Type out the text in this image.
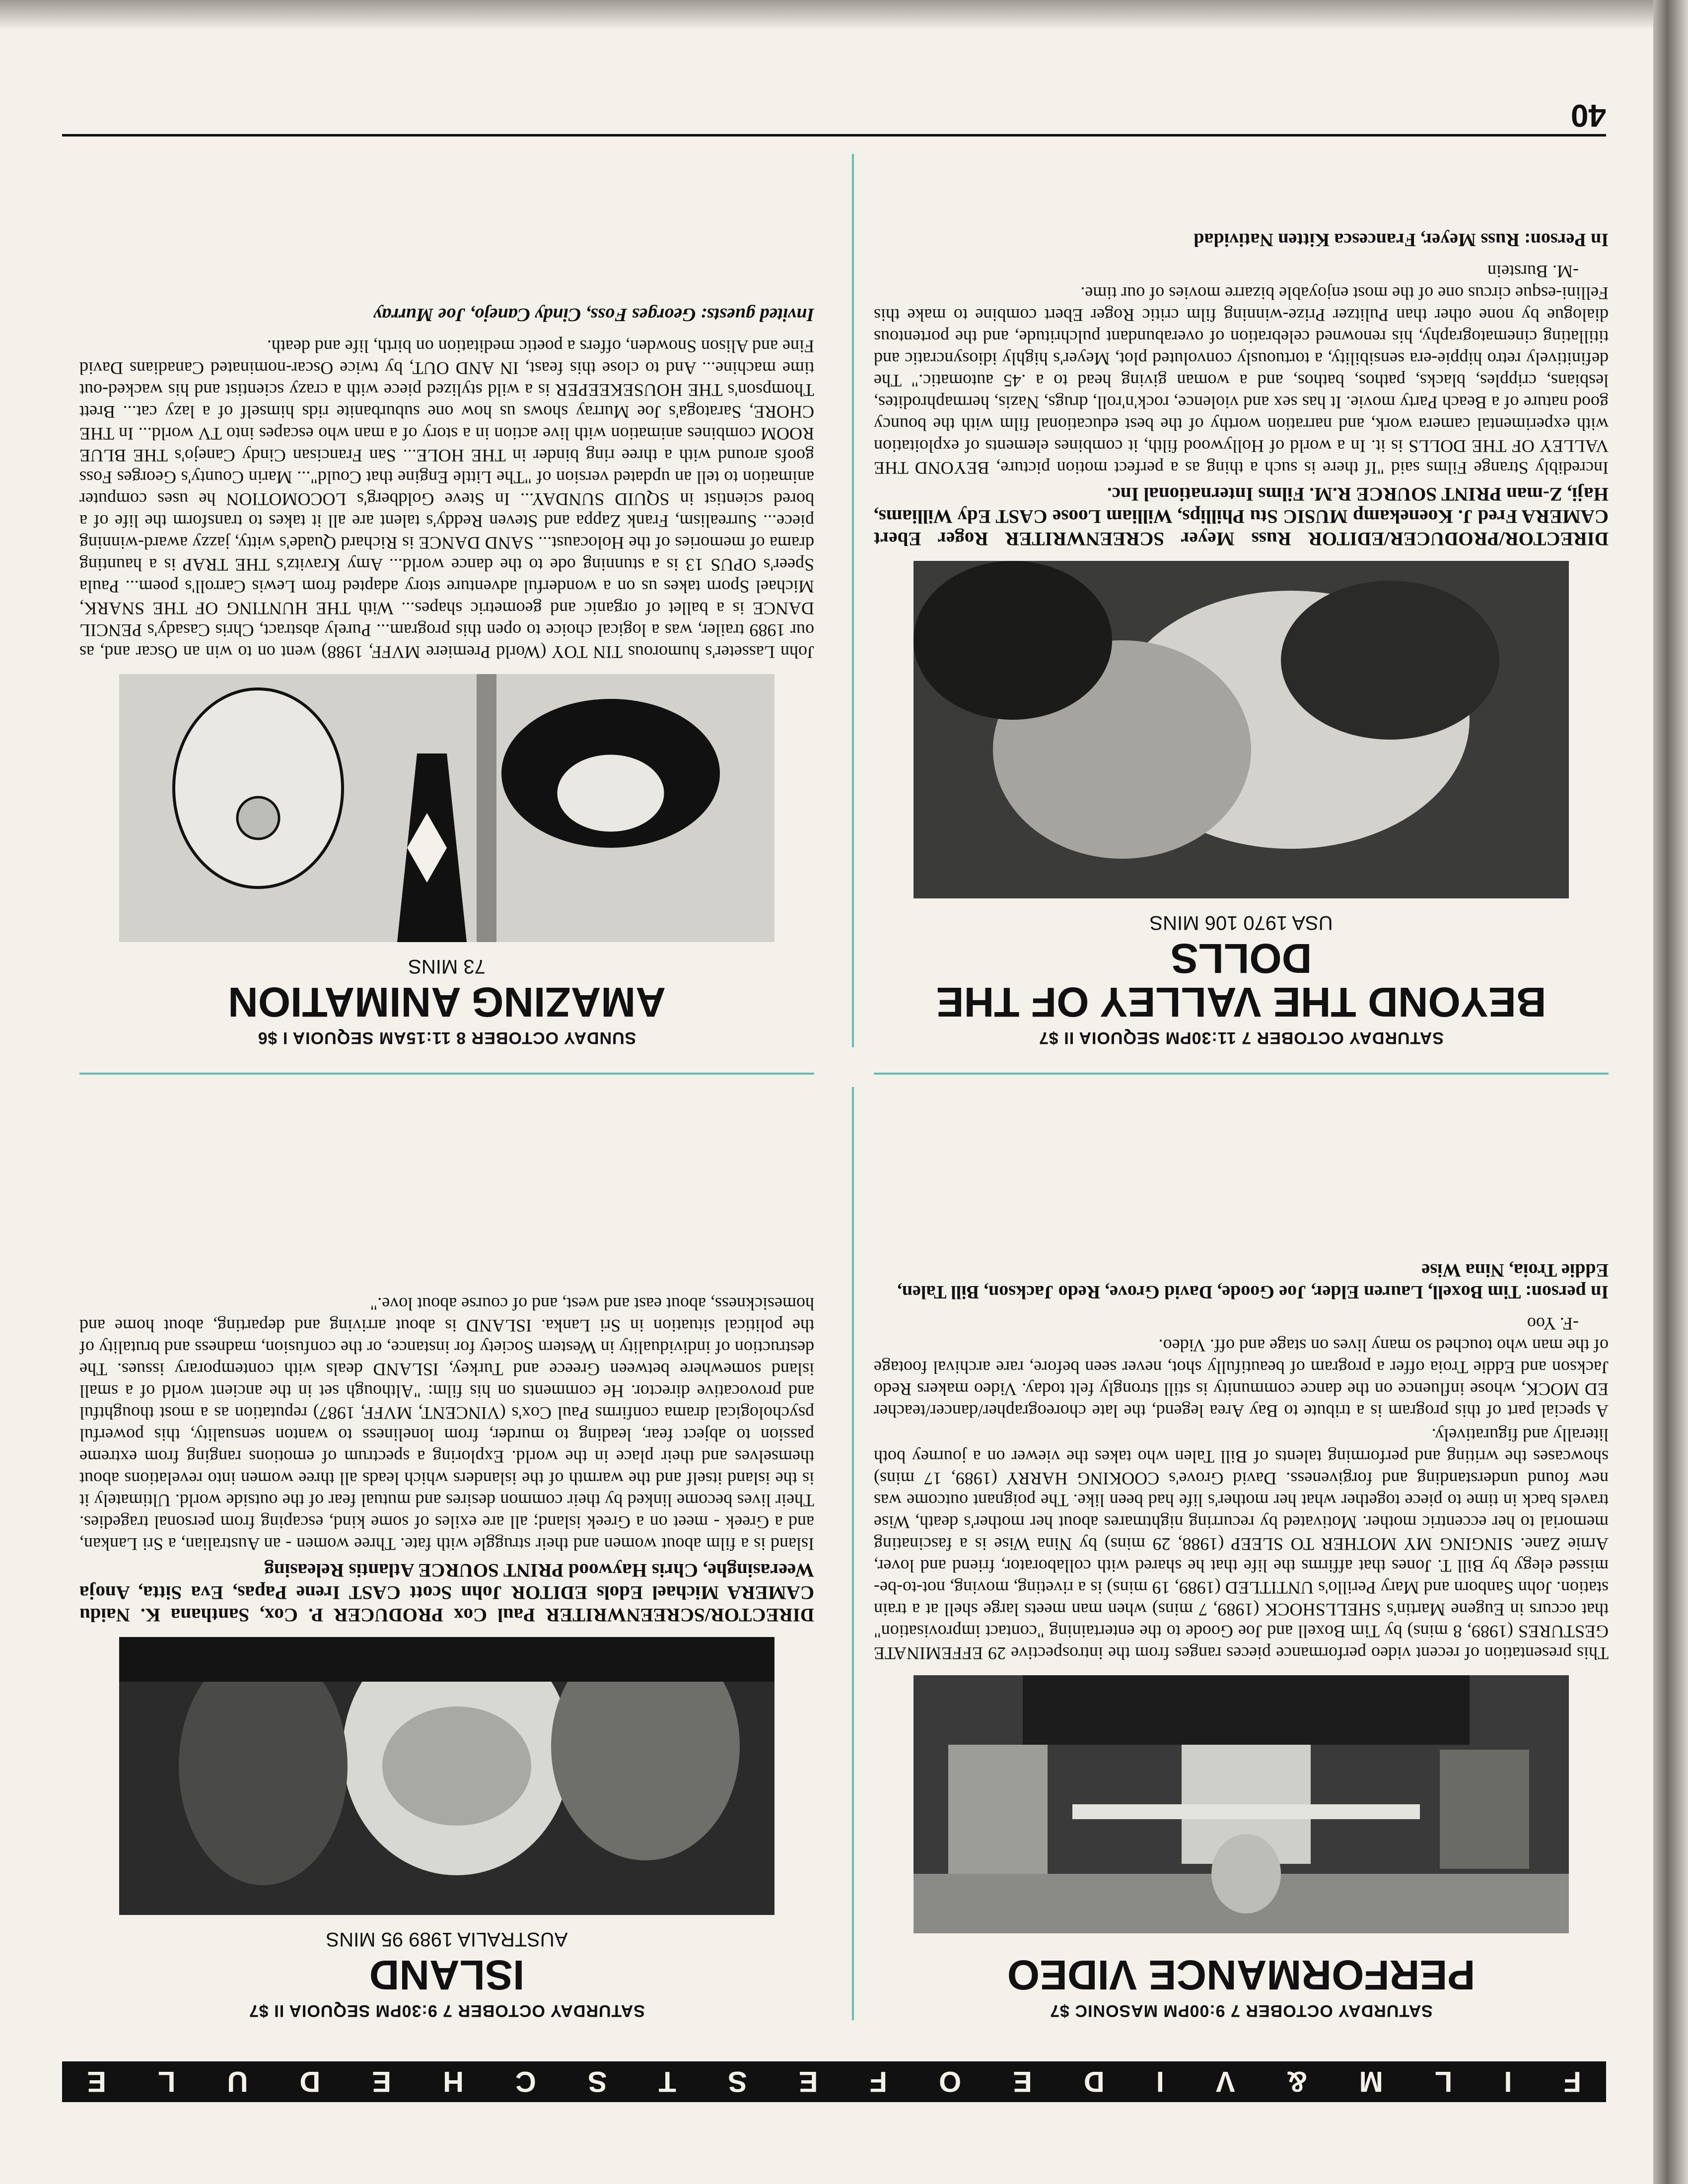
F
I
L
M
&
V
I
D
E
O
F
E
S
T
S
C
H
E
D
U
L
E
SATURDAY OCTOBER 7 9:00PM MASONIC $7
PERFORMANCE VIDEO

This presentation of recent video performance pieces ranges from the introspective 29 EFFEMINATE GESTURES (1989, 8 mins) by Tim Boxell and Joe Goode to the entertaining "contact improvisation" that occurs in Eugene Martin's SHELLSHOCK (1989, 7 mins) when man meets large shell at a train station. John Sanborn and Mary Perillo's UNTITLED (1989, 19 mins) is a riveting, moving, not-to-be-missed elegy by Bill T. Jones that affirms the life that he shared with collaborator, friend and lover, Arnie Zane. SINGING MY MOTHER TO SLEEP (1988, 29 mins) by Nina Wise is a fascinating memorial to her eccentric mother. Motivated by recurring nightmares about her mother's death, Wise travels back in time to piece together what her mother's life had been like. The poignant outcome was new found understanding and forgiveness. David Grove's COOKING HARRY (1989, 17 mins) showcases the writing and performing talents of Bill Talen who takes the viewer on a journey both literally and figuratively.

A special part of this program is a tribute to Bay Area legend, the late choreographer/dancer/teacher ED MOCK, whose influence on the dance community is still strongly felt today. Video makers Redo Jackson and Eddie Troia offer a program of beautifully shot, never seen before, rare archival footage of the man who touched so many lives on stage and off. Video.

-F. Yoo
In person: Tim Boxell, Lauren Elder, Joe Goode, David Grove, Redo Jackson, Bill Talen, Eddie Troia, Nina Wise
SATURDAY OCTOBER 7 9:30PM SEQUOIA II $7
ISLAND
AUSTRALIA 1989 95 MINS
DIRECTOR/SCREENWRITER Paul Cox PRODUCER P. Cox, Santhana K. Naidu CAMERA Michael Edols EDITOR John Scott CAST Irene Papas, Eva Sitta, Anoja Weerasinghe, Chris Haywood PRINT SOURCE Atlantis Releasing

Island is a film about women and their struggle with fate. Three women - an Australian, a Sri Lankan, and a Greek - meet on a Greek island; all are exiles of some kind, escaping from personal tragedies. Their lives become linked by their common desires and mutual fear of the outside world. Ultimately it is the island itself and the warmth of the islanders which leads all three women into revelations about themselves and their place in the world. Exploring a spectrum of emotions ranging from extreme passion to abject fear, leading to murder, from loneliness to wanton sensuality, this powerful psychological drama confirms Paul Cox's (VINCENT, MVFF, 1987) reputation as a most thoughtful and provocative director. He comments on his film: "Although set in the ancient world of a small island somewhere between Greece and Turkey, ISLAND deals with contemporary issues. The destruction of individuality in Western Society for instance, or the confusion, madness and brutality of the political situation in Sri Lanka. ISLAND is about arriving and departing, about home and homesickness, about east and west, and of course about love."

SATURDAY OCTOBER 7 11:30PM SEQUOIA II $7
BEYOND THE VALLEY OF THE DOLLS
USA 1970 106 MINS
DIRECTOR/PRODUCER/EDITOR Russ Meyer SCREENWRITER Roger Ebert CAMERA Fred J. Koenekamp MUSIC Stu Phillips, William Loose CAST Edy Williams, Haji, Z-man PRINT SOURCE R.M. Films International Inc.

Incredibly Strange Films said "If there is such a thing as a perfect motion picture, BEYOND THE VALLEY OF THE DOLLS is it. In a world of Hollywood filth, it combines elements of exploitation with experimental camera work, and narration worthy of the best educational film with the bouncy good nature of a Beach Party movie. It has sex and violence, rock'n'roll, drugs, Nazis, hermaphrodites, lesbians, cripples, blacks, pathos, bathos, and a woman giving head to a .45 automatic." The definitively retro hippie-era sensibility, a tortuously convoluted plot, Meyer's highly idiosyncratic and titillating cinematography, his renowned celebration of overabundant pulchritude, and the portentous dialogue by none other than Pulitzer Prize-winning film critic Roger Ebert combine to make this Fellini-esque circus one of the most enjoyable bizarre movies of our time.

-M. Burstein
In Person: Russ Meyer, Francesca Kitten Natividad
SUNDAY OCTOBER 8 11:15AM SEQUOIA I $6
AMAZING ANIMATION
73 MINS

John Lasseter's humorous TIN TOY (World Premiere MVFF, 1988) went on to win an Oscar and, as our 1989 trailer, was a logical choice to open this program... Purely abstract, Chris Casady's PENCIL DANCE is a ballet of organic and geometric shapes... With THE HUNTING OF THE SNARK, Michael Sporn takes us on a wonderful adventure story adapted from Lewis Carroll's poem... Paula Speer's OPUS 13 is a stunning ode to the dance world... Amy Kravitz's THE TRAP is a haunting drama of memories of the Holocaust... SAND DANCE is Richard Quade's witty, jazzy award-winning piece... Surrealism, Frank Zappa and Steven Reddy's talent are all it takes to transform the life of a bored scientist in SQUID SUNDAY... In Steve Goldberg's LOCOMOTION he uses computer animation to tell an updated version of "The Little Engine that Could"... Marin County's Georges Foss goofs around with a three ring binder in THE HOLE... San Francisan Cindy Canejo's THE BLUE ROOM combines animation with live action in a story of a man who escapes into TV world... In THE CHORE, Saratoga's Joe Murray shows us how one suburbanite rids himself of a lazy cat... Brett Thompson's THE HOUSEKEEPER is a wild stylized piece with a crazy scientist and his wacked-out time machine... And to close this feast, IN AND OUT, by twice Oscar-nominated Canadians David Fine and Alison Snowden, offers a poetic meditation on birth, life and death.

Invited guests: Georges Foss, Cindy Canejo, Joe Murray
40
